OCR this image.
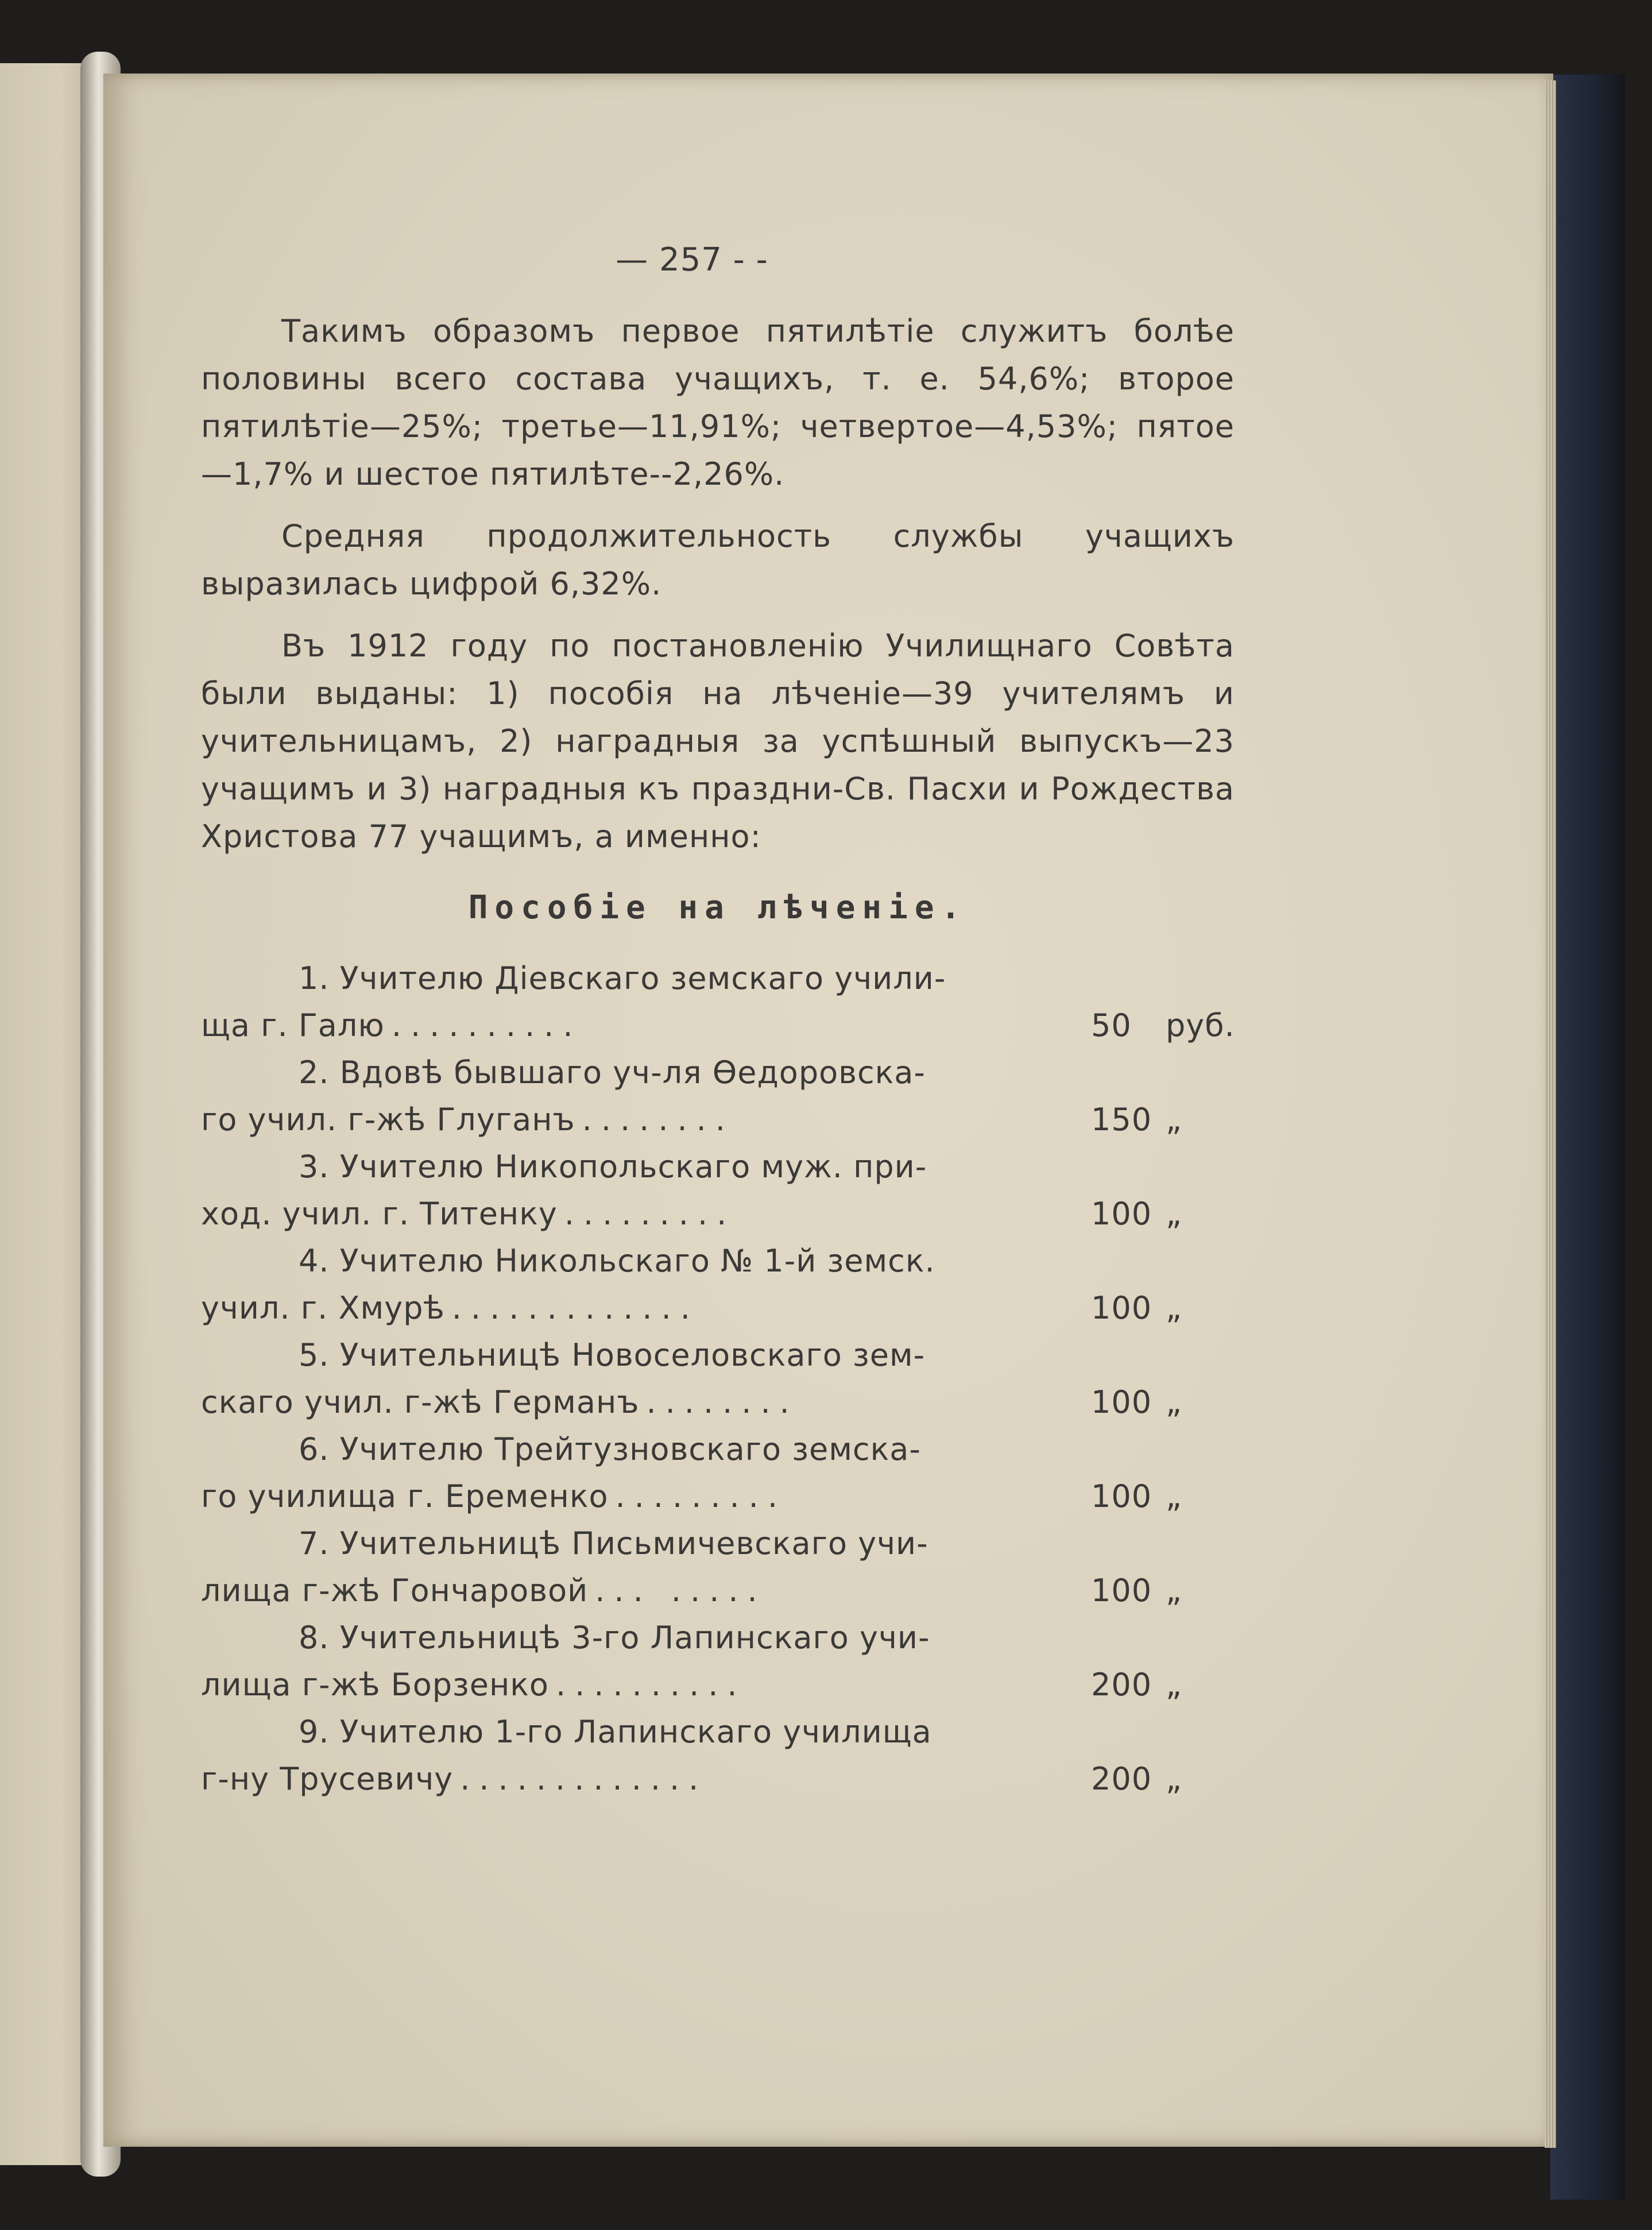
— 257 - -

Такимъ образомъ первое пятилѣтіе служитъ болѣе половины всего состава учащихъ, т. е. 54,6%; второе пятилѣтіе—25%; третье—11,91%; четвертое—4,53%; пятое—1,7% и шестое пятилѣте--2,26%.

Средняя продолжительность службы учащихъ выразилась цифрой 6,32%.

Въ 1912 году по постановленію Училищнаго Совѣта были выданы: 1) пособія на лѣченіе—39 учителямъ и учительницамъ, 2) наградныя за успѣшный выпускъ—23 учащимъ и 3) наградныя къ праздни-Св. Пасхи и Рождества Христова 77 учащимъ, а именно:

Пособіе на лѣченіе.
1. Учителю Діевскаго земскаго учили-
ща г. Галю ..........	50	руб.
2. Вдовѣ бывшаго уч-ля Ѳедоровска-
го учил. г-жѣ Глуганъ ........	150 „
3. Учителю Никопольскаго муж. при-
ход. учил. г. Титенку .........	100 „
4. Учителю Никольскаго № 1-й земск.
учил. г. Хмурѣ .............	100 „
5. Учительницѣ Новоселовскаго зем-
скаго учил. г-жѣ Германъ ........	100 „
6. Учителю Трейтузновскаго земска-
го училища г. Еременко .........	100 „
7. Учительницѣ Письмичевскаго учи-
лища г-жѣ Гончаровой ... .....	100 „
8. Учительницѣ 3-го Лапинскаго учи-
лища г-жѣ Борзенко ..........	200 „
9. Учителю 1-го Лапинскаго училища
г-ну Трусевичу .............	200 „
